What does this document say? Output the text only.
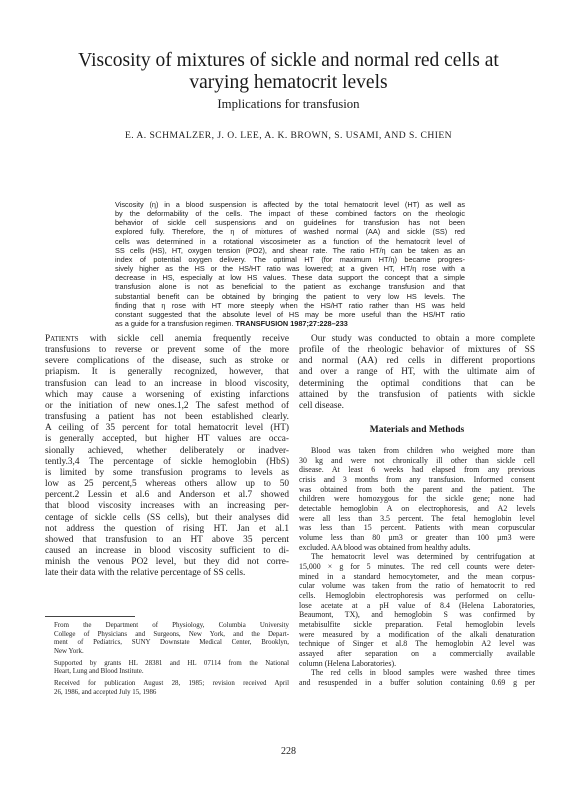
Viscosity of mixtures of sickle and normal red cells at
varying hematocrit levels
Implications for transfusion
E. A. SCHMALZER, J. O. LEE, A. K. BROWN, S. USAMI, AND S. CHIEN
Viscosity (η) in a blood suspension is affected by the total hematocrit level (HT) as well as
by the deformability of the cells. The impact of these combined factors on the rheologic
behavior of sickle cell suspensions and on guidelines for transfusion has not been
explored fully. Therefore, the η of mixtures of washed normal (AA) and sickle (SS) red
cells was determined in a rotational viscosimeter as a function of the hematocrit level of
SS cells (HS), HT, oxygen tension (PO2), and shear rate. The ratio HT/η can be taken as an
index of potential oxygen delivery. The optimal HT (for maximum HT/η) became progres-
sively higher as the HS or the HS/HT ratio was lowered; at a given HT, HT/η rose with a
decrease in HS, especially at low HS values. These data support the concept that a simple
transfusion alone is not as beneficial to the patient as exchange transfusion and that
substantial benefit can be obtained by bringing the patient to very low HS levels. The
finding that η rose with HT more steeply when the HS/HT ratio rather than HS was held
constant suggested that the absolute level of HS may be more useful than the HS/HT ratio
as a guide for a transfusion regimen. TRANSFUSION 1987;27:228–233
Patients with sickle cell anemia frequently receive
transfusions to reverse or prevent some of the more
severe complications of the disease, such as stroke or
priapism. It is generally recognized, however, that
transfusion can lead to an increase in blood viscosity,
which may cause a worsening of existing infarctions
or the initiation of new ones.1,2 The safest method of
transfusing a patient has not been established clearly.
A ceiling of 35 percent for total hematocrit level (HT)
is generally accepted, but higher HT values are occa-
sionally achieved, whether deliberately or inadver-
tently.3,4 The percentage of sickle hemoglobin (HbS)
is limited by some transfusion programs to levels as
low as 25 percent,5 whereas others allow up to 50
percent.2 Lessin et al.6 and Anderson et al.7 showed
that blood viscosity increases with an increasing per-
centage of sickle cells (SS cells), but their analyses did
not address the question of rising HT. Jan et al.1
showed that transfusion to an HT above 35 percent
caused an increase in blood viscosity sufficient to di-
minish the venous PO2 level, but they did not corre-
late their data with the relative percentage of SS cells.
Our study was conducted to obtain a more complete
profile of the rheologic behavior of mixtures of SS
and normal (AA) red cells in different proportions
and over a range of HT, with the ultimate aim of
determining the optimal conditions that can be
attained by the transfusion of patients with sickle
cell disease.
Materials and Methods
Blood was taken from children who weighed more than
30 kg and were not chronically ill other than sickle cell
disease. At least 6 weeks had elapsed from any previous
crisis and 3 months from any transfusion. Informed consent
was obtained from both the parent and the patient. The
children were homozygous for the sickle gene; none had
detectable hemoglobin A on electrophoresis, and A2 levels
were all less than 3.5 percent. The fetal hemoglobin level
was less than 15 percent. Patients with mean corpuscular
volume less than 80 µm3 or greater than 100 µm3 were
excluded. AA blood was obtained from healthy adults.
The hematocrit level was determined by centrifugation at
15,000 × g for 5 minutes. The red cell counts were deter-
mined in a standard hemocytometer, and the mean corpus-
cular volume was taken from the ratio of hematocrit to red
cells. Hemoglobin electrophoresis was performed on cellu-
lose acetate at a pH value of 8.4 (Helena Laboratories,
Beaumont, TX), and hemoglobin S was confirmed by
metabisulfite sickle preparation. Fetal hemoglobin levels
were measured by a modification of the alkali denaturation
technique of Singer et al.8 The hemoglobin A2 level was
assayed after separation on a commercially available
column (Helena Laboratories).
The red cells in blood samples were washed three times
and resuspended in a buffer solution containing 0.69 g per

From the Department of Physiology, Columbia University
College of Physicians and Surgeons, New York, and the Depart-
ment of Pediatrics, SUNY Downstate Medical Center, Brooklyn,
New York.

Supported by grants HL 28381 and HL 07114 from the National
Heart, Lung and Blood Institute.

Received for publication August 28, 1985; revision received April
26, 1986, and accepted July 15, 1986

228
